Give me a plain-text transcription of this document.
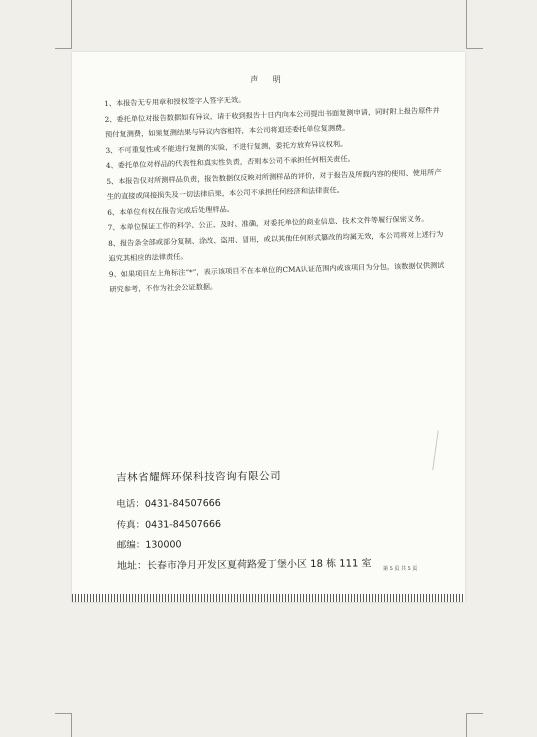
声 明

1、本报告无专用章和授权签字人签字无效。

2、委托单位对报告数据如有异议，请于收到报告十日内向本公司提出书面复测申请，同时附上报告原件并预付复测费，如果复测结果与异议内容相符，本公司将退还委托单位复测费。

3、不可重复性或不能进行复测的实验，不进行复测，委托方放弃异议权利。

4、委托单位对样品的代表性和真实性负责，否则本公司不承担任何相关责任。

5、本报告仅对所测样品负责，报告数据仅反映对所测样品的评价，对于报告及所载内容的使用、使用所产生的直接或间接损失及一切法律后果，本公司不承担任何经济和法律责任。

6、本单位有权在报告完成后处理样品。

7、本单位保证工作的科学、公正、及时、准确，对委托单位的商业信息、技术文件等履行保密义务。

8、报告条全部或部分复制、涂改、盗用、冒用，或以其他任何形式篡改的均属无效，本公司将对上述行为追究其相应的法律责任。

9、如果项目左上角标注“*”，表示该项目不在本单位的CMA认证范围内或该项目为分包，该数据仅供测试研究参考，不作为社会公证数据。

吉林省耀辉环保科技咨询有限公司
电话：0431-84507666
传真：0431-84507666
邮编：130000
地址：长春市净月开发区夏荷路爱丁堡小区 18 栋 111 室	第 5 页 共 5 页
